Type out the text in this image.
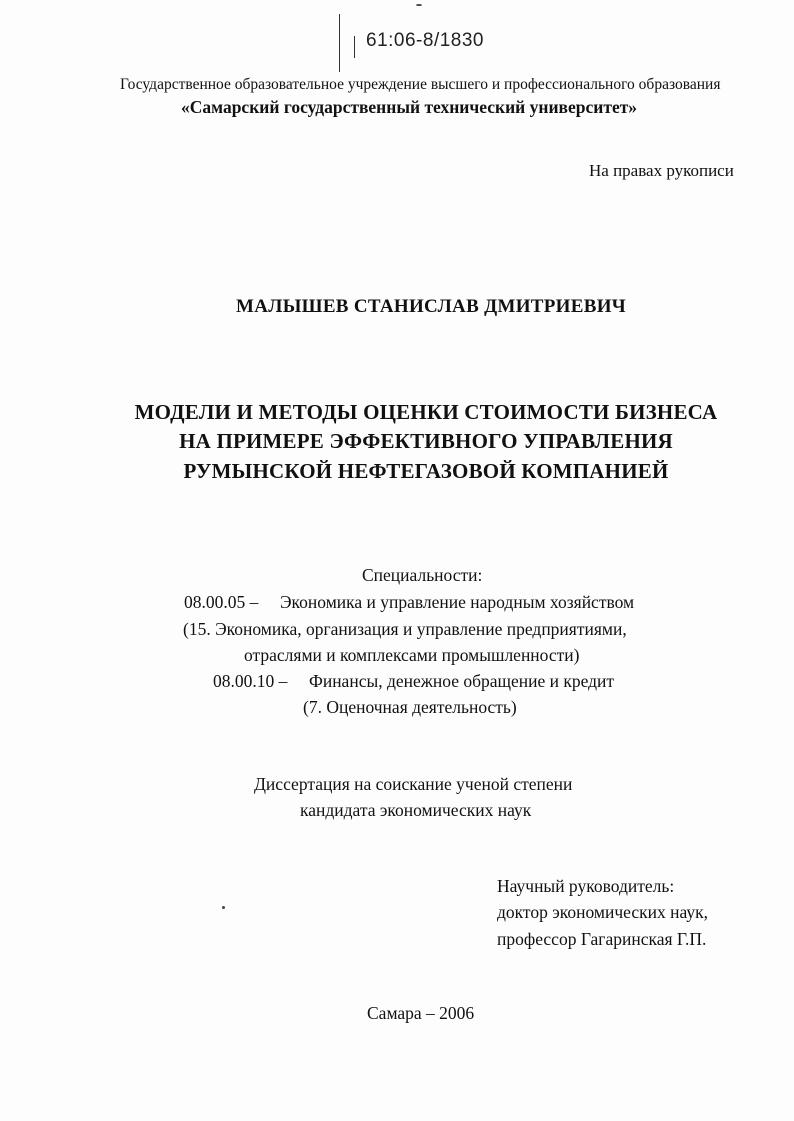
61:06-8/1830
Государственное образовательное учреждение высшего и профессионального образования
«Самарский государственный технический университет»
На правах рукописи
МАЛЫШЕВ СТАНИСЛАВ ДМИТРИЕВИЧ
МОДЕЛИ И МЕТОДЫ ОЦЕНКИ СТОИМОСТИ БИЗНЕСА
НА ПРИМЕРЕ ЭФФЕКТИВНОГО УПРАВЛЕНИЯ
РУМЫНСКОЙ НЕФТЕГАЗОВОЙ КОМПАНИЕЙ
Специальности:
08.00.05 – Экономика и управление народным хозяйством
(15. Экономика, организация и управление предприятиями,
отраслями и комплексами промышленности)
08.00.10 – Финансы, денежное обращение и кредит
(7. Оценочная деятельность)
Диссертация на соискание ученой степени
кандидата экономических наук
Научный руководитель:
доктор экономических наук,
профессор Гагаринская Г.П.
Самара – 2006
